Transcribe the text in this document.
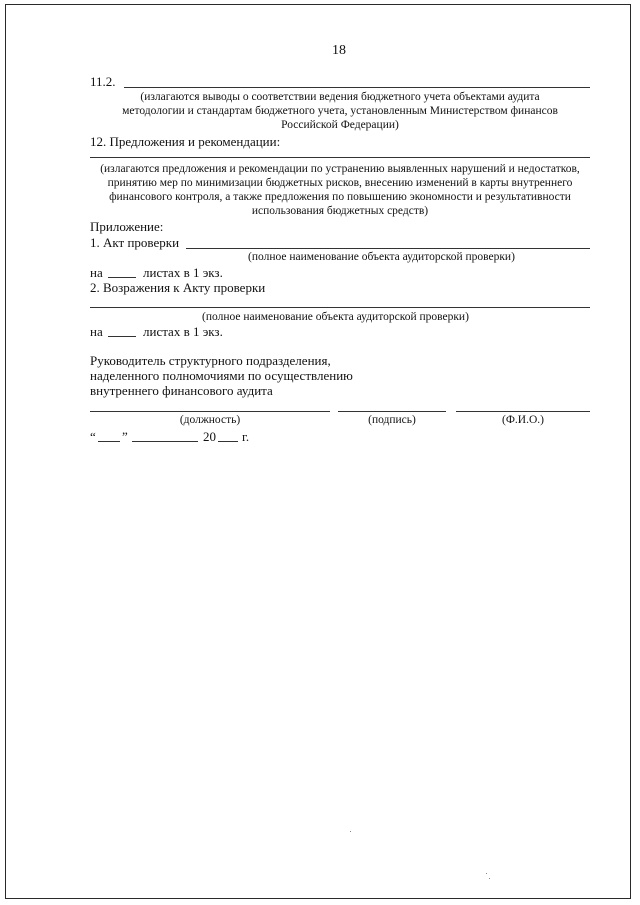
18
11.2.
(излагаются выводы о соответствии ведения бюджетного учета объектами аудита
методологии и стандартам бюджетного учета, установленным Министерством финансов
Российской Федерации)
12. Предложения и рекомендации:
(излагаются предложения и рекомендации по устранению выявленных нарушений и недостатков,
принятию мер по минимизации бюджетных рисков, внесению изменений в карты внутреннего
финансового контроля, а также предложения по повышению экономности и результативности
использования бюджетных средств)
Приложение:
1. Акт проверки
(полное наименование объекта аудиторской проверки)
на	листах в 1 экз.
2. Возражения к Акту проверки
(полное наименование объекта аудиторской проверки)
на	листах в 1 экз.
Руководитель структурного подразделения,
наделенного полномочиями по осуществлению
внутреннего финансового аудита
(должность)	(подпись)	(Ф.И.О.)
“ ”	20 г.
